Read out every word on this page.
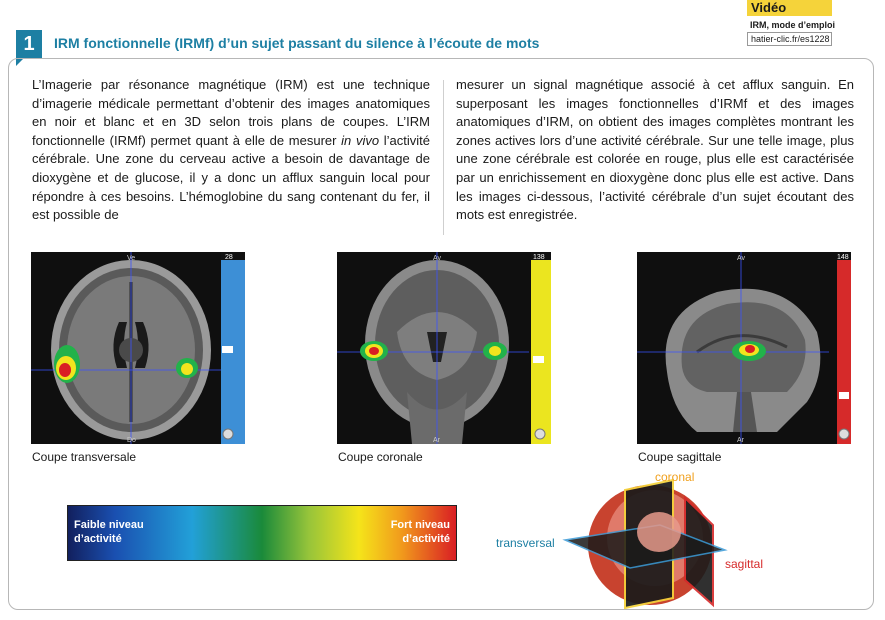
1	IRM fonctionnelle (IRMf) d’un sujet passant du silence à l’écoute de mots
Vidéo
IRM, mode d’emploi
hatier-clic.fr/es1228
L’Imagerie par résonance magnétique (IRM) est une technique d’imagerie médicale permettant d’obtenir des images anatomiques en noir et blanc et en 3D selon trois plans de coupes. L’IRM fonctionnelle (IRMf) permet quant à elle de mesurer in vivo l’activité cérébrale. Une zone du cerveau active a besoin de davantage de dioxygène et de glucose, il y a donc un afflux sanguin local pour répondre à ces besoins. L’hémoglobine du sang contenant du fer, il est possible de
mesurer un signal magnétique associé à cet afflux sanguin. En superposant les images fonctionnelles d’IRMf et des images anatomiques d’IRM, on obtient des images complètes montrant les zones actives lors d’une activité cérébrale. Sur une telle image, plus une zone cérébrale est colorée en rouge, plus elle est caractérisée par un enrichissement en dioxygène donc plus elle est active. Dans les images ci-dessous, l’activité cérébrale d’un sujet écoutant des mots est enregistrée.
Ve
Do
28
Coupe transversale
Av
Ar
138
Coupe coronale
Av
Ar
148
Coupe sagittale
Faible niveau
d’activité
Fort niveau
d’activité
coronal
transversal
sagittal
